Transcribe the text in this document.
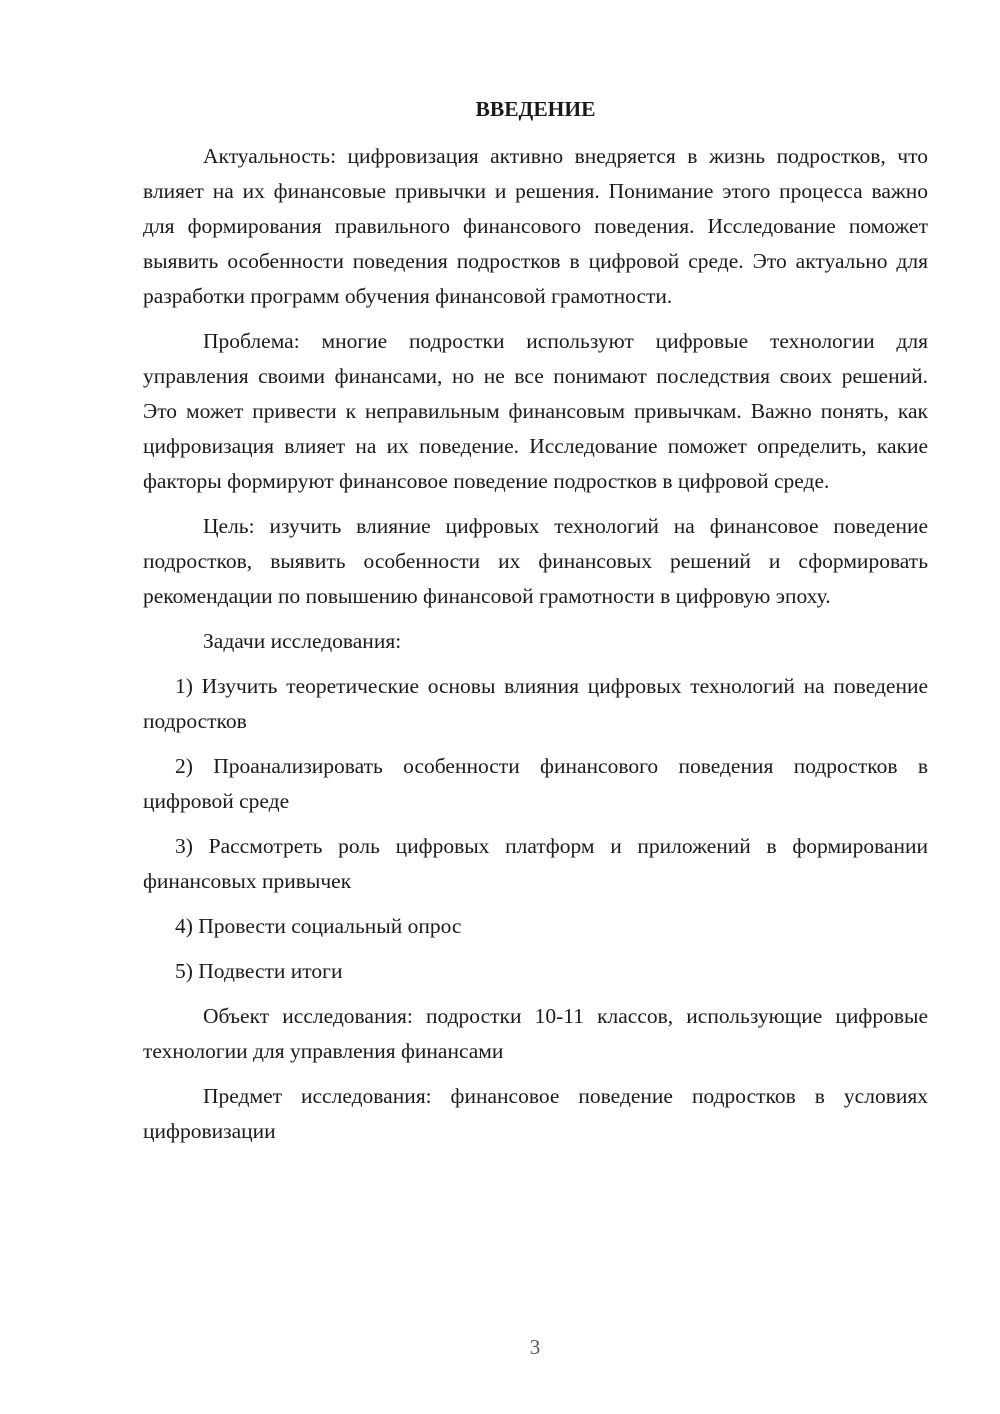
ВВЕДЕНИЕ

Актуальность: цифровизация активно внедряется в жизнь подростков, что влияет на их финансовые привычки и решения. Понимание этого процесса важно для формирования правильного финансового поведения. Исследование поможет выявить особенности поведения подростков в цифровой среде. Это актуально для разработки программ обучения финансовой грамотности.

Проблема: многие подростки используют цифровые технологии для управления своими финансами, но не все понимают последствия своих решений. Это может привести к неправильным финансовым привычкам. Важно понять, как цифровизация влияет на их поведение. Исследование поможет определить, какие факторы формируют финансовое поведение подростков в цифровой среде.

Цель: изучить влияние цифровых технологий на финансовое поведение подростков, выявить особенности их финансовых решений и сформировать рекомендации по повышению финансовой грамотности в цифровую эпоху.

Задачи исследования:

1) Изучить теоретические основы влияния цифровых технологий на поведение подростков

2) Проанализировать особенности финансового поведения подростков в цифровой среде

3) Рассмотреть роль цифровых платформ и приложений в формировании финансовых привычек

4) Провести социальный опрос

5) Подвести итоги

Объект исследования: подростки 10-11 классов, использующие цифровые технологии для управления финансами

Предмет исследования: финансовое поведение подростков в условиях цифровизации

3
